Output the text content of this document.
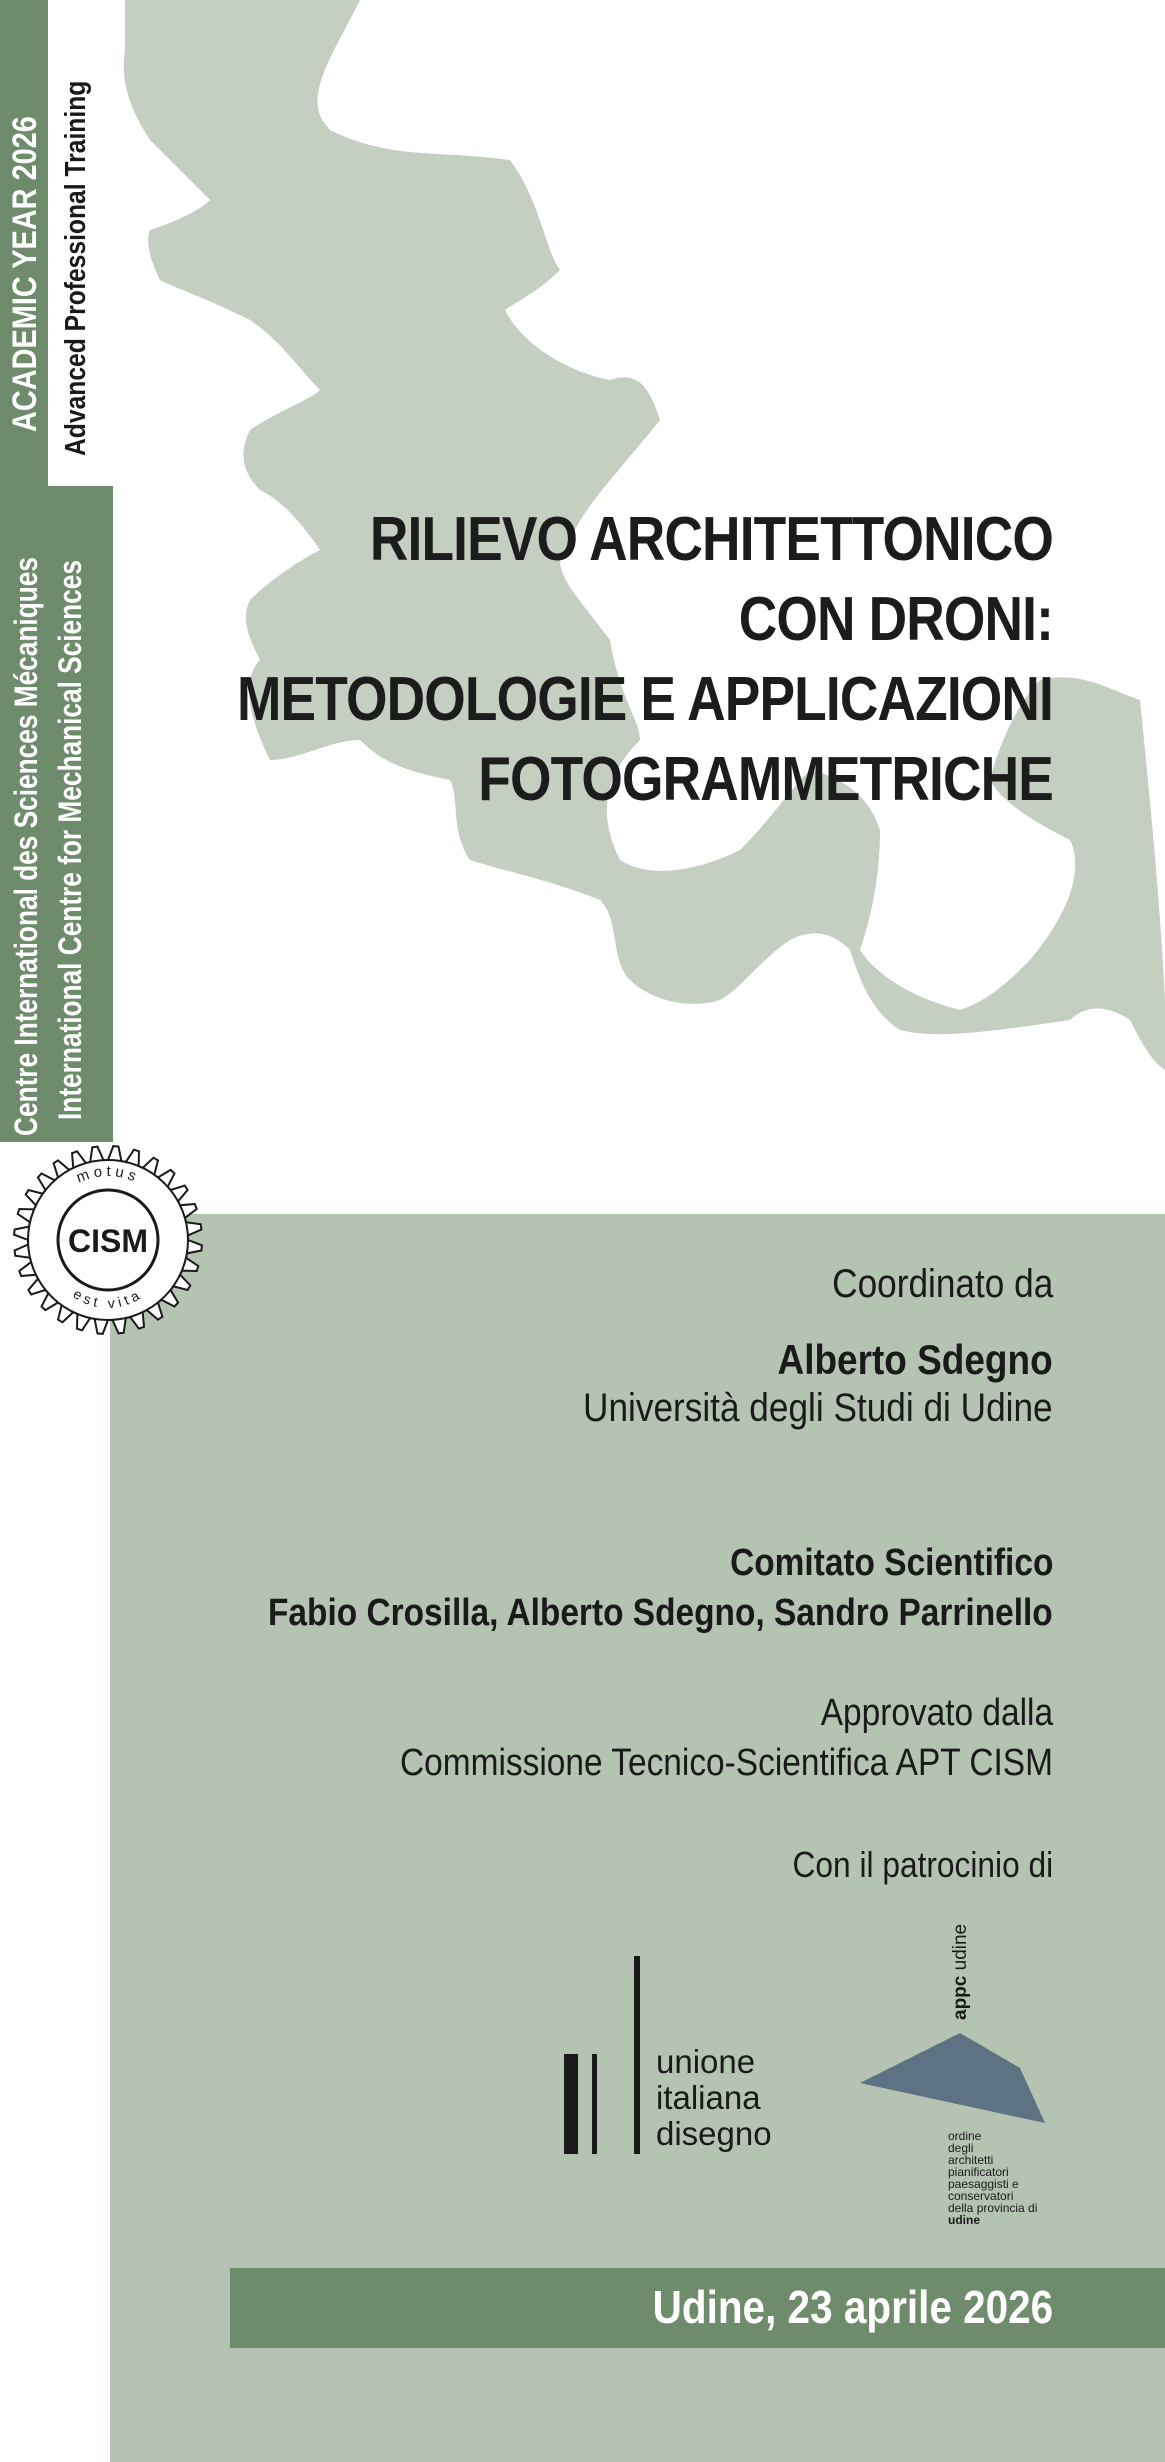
ACADEMIC YEAR 2026 Advanced Professional Training
Centre International des Sciences Mécaniques International Centre for Mechanical Sciences
RILIEVO ARCHITETTONICO
CON DRONI:
METODOLOGIE E APPLICAZIONI
FOTOGRAMMETRICHE
motus
est vita
CISM
Coordinato da
Alberto Sdegno
Università degli Studi di Udine
Comitato Scientifico
Fabio Crosilla, Alberto Sdegno, Sandro Parrinello
Approvato dalla
Commissione Tecnico-Scientifica APT CISM
Con il patrocinio di
unione
italiana
disegno
appc udine
ordine
degli
architetti
pianificatori
paesaggisti e
conservatori
della provincia di
udine
Udine, 23 aprile 2026
